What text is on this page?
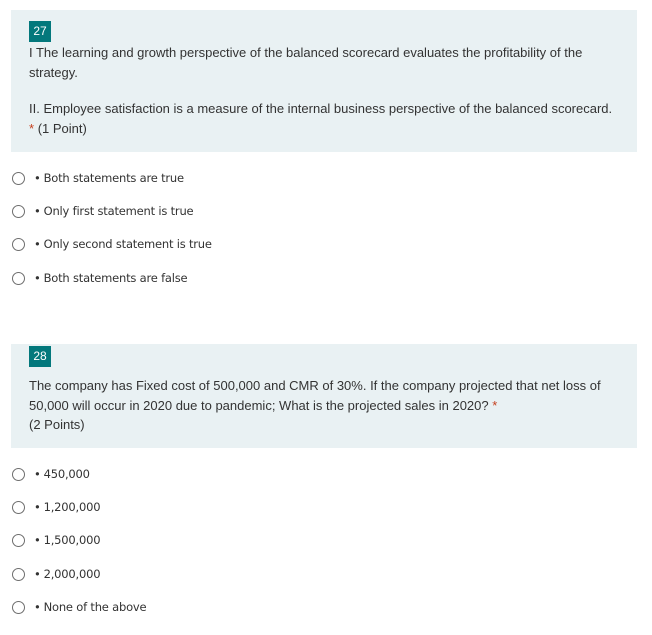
27

I The learning and growth perspective of the balanced scorecard evaluates the profitability of the strategy.

II. Employee satisfaction is a measure of the internal business perspective of the balanced scorecard. * (1 Point)

• Both statements are true
• Only first statement is true
• Only second statement is true
• Both statements are false
28

The company has Fixed cost of 500,000 and CMR of 30%. If the company projected that net loss of 50,000 will occur in 2020 due to pandemic; What is the projected sales in 2020? *
(2 Points)

• 450,000
• 1,200,000
• 1,500,000
• 2,000,000
• None of the above
